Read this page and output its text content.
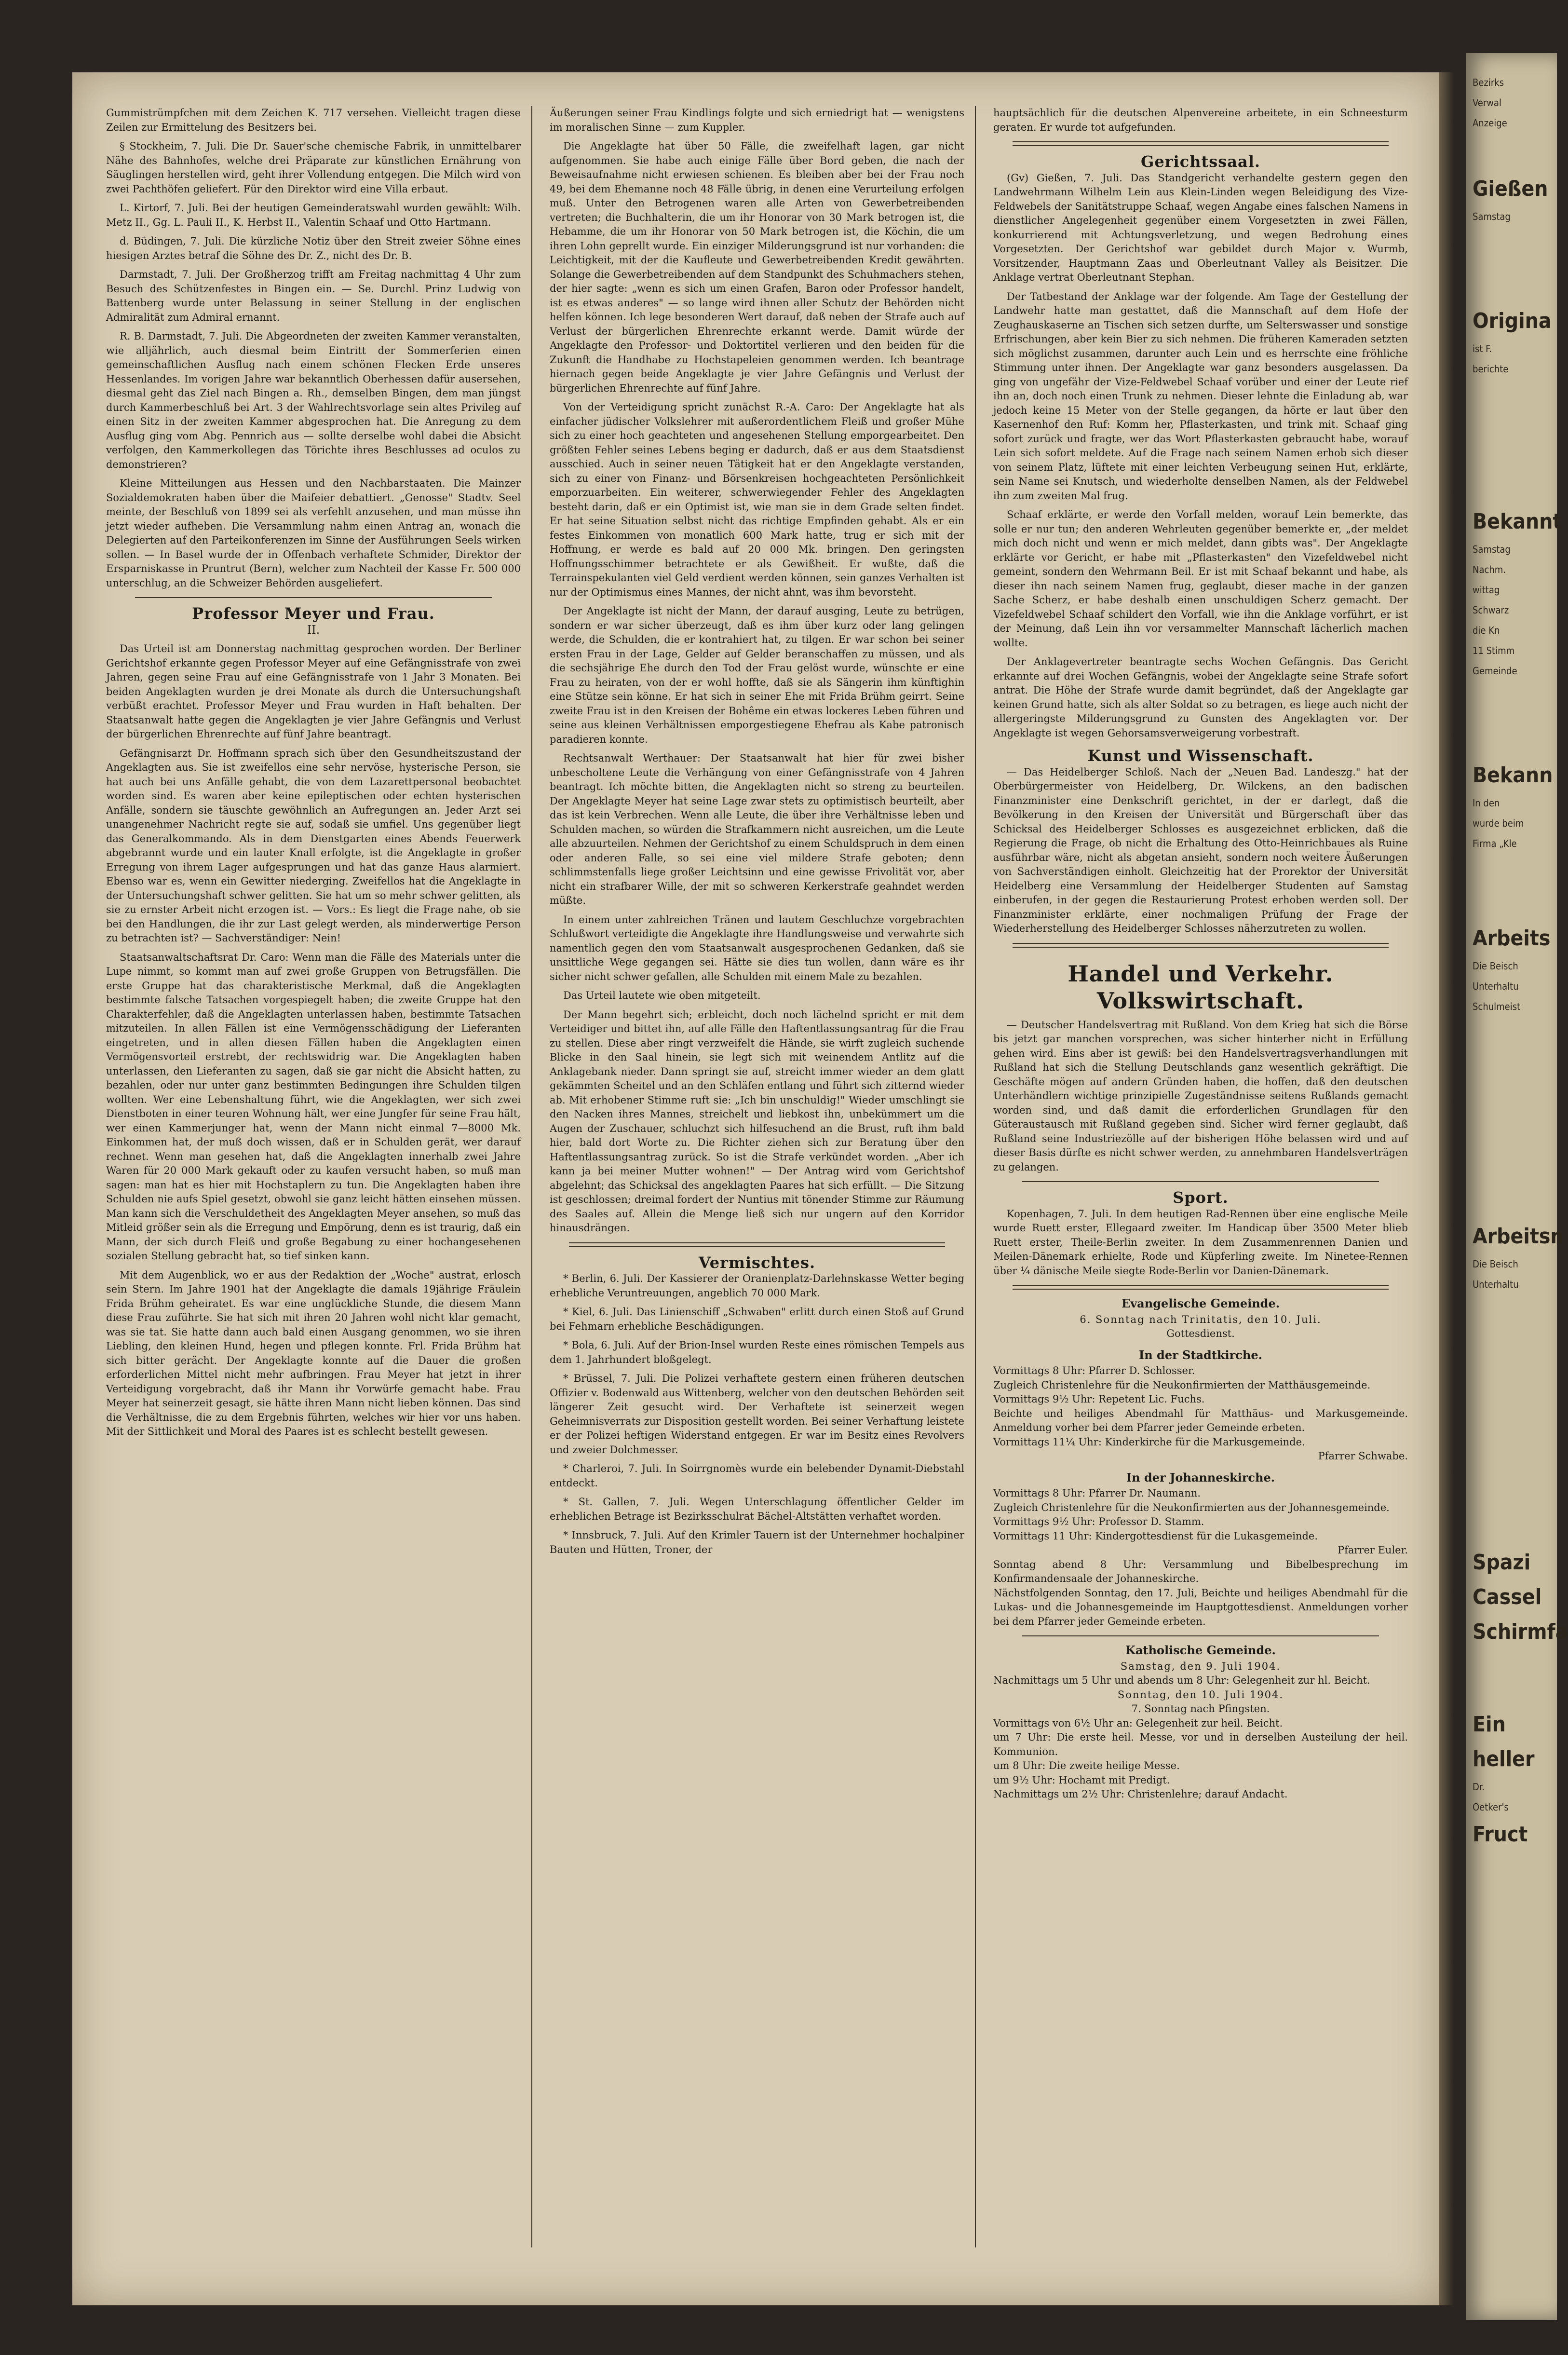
Gummistrümpfchen mit dem Zeichen K. 717 versehen. Vielleicht tragen diese Zeilen zur Ermittelung des Besitzers bei.

§ Stockheim, 7. Juli. Die Dr. Sauer'sche chemische Fabrik, in unmittelbarer Nähe des Bahnhofes, welche drei Präparate zur künstlichen Ernährung von Säuglingen herstellen wird, geht ihrer Vollendung entgegen. Die Milch wird von zwei Pachthöfen geliefert. Für den Direktor wird eine Villa erbaut.

L. Kirtorf, 7. Juli. Bei der heutigen Gemeinderatswahl wurden gewählt: Wilh. Metz II., Gg. L. Pauli II., K. Herbst II., Valentin Schaaf und Otto Hartmann.

d. Büdingen, 7. Juli. Die kürzliche Notiz über den Streit zweier Söhne eines hiesigen Arztes betraf die Söhne des Dr. Z., nicht des Dr. B.

Darmstadt, 7. Juli. Der Großherzog trifft am Freitag nachmittag 4 Uhr zum Besuch des Schützenfestes in Bingen ein. — Se. Durchl. Prinz Ludwig von Battenberg wurde unter Belassung in seiner Stellung in der englischen Admiralität zum Admiral ernannt.

R. B. Darmstadt, 7. Juli. Die Abgeordneten der zweiten Kammer veranstalten, wie alljährlich, auch diesmal beim Eintritt der Sommerferien einen gemeinschaftlichen Ausflug nach einem schönen Flecken Erde unseres Hessenlandes. Im vorigen Jahre war bekanntlich Oberhessen dafür ausersehen, diesmal geht das Ziel nach Bingen a. Rh., demselben Bingen, dem man jüngst durch Kammerbeschluß bei Art. 3 der Wahlrechtsvorlage sein altes Privileg auf einen Sitz in der zweiten Kammer abgesprochen hat. Die Anregung zu dem Ausflug ging vom Abg. Pennrich aus — sollte derselbe wohl dabei die Absicht verfolgen, den Kammerkollegen das Törichte ihres Beschlusses ad oculos zu demonstrieren?

Kleine Mitteilungen aus Hessen und den Nachbarstaaten. Die Mainzer Sozialdemokraten haben über die Maifeier debattiert. „Genosse" Stadtv. Seel meinte, der Beschluß von 1899 sei als verfehlt anzusehen, und man müsse ihn jetzt wieder aufheben. Die Versammlung nahm einen Antrag an, wonach die Delegierten auf den Parteikonferenzen im Sinne der Ausführungen Seels wirken sollen. — In Basel wurde der in Offenbach verhaftete Schmider, Direktor der Ersparniskasse in Pruntrut (Bern), welcher zum Nachteil der Kasse Fr. 500 000 unterschlug, an die Schweizer Behörden ausgeliefert.

Professor Meyer und Frau.
II.

Das Urteil ist am Donnerstag nachmittag gesprochen worden. Der Berliner Gerichtshof erkannte gegen Professor Meyer auf eine Gefängnisstrafe von zwei Jahren, gegen seine Frau auf eine Gefängnisstrafe von 1 Jahr 3 Monaten. Bei beiden Angeklagten wurden je drei Monate als durch die Untersuchungshaft verbüßt erachtet. Professor Meyer und Frau wurden in Haft behalten. Der Staatsanwalt hatte gegen die Angeklagten je vier Jahre Gefängnis und Verlust der bürgerlichen Ehrenrechte auf fünf Jahre beantragt.

Gefängnisarzt Dr. Hoffmann sprach sich über den Gesundheitszustand der Angeklagten aus. Sie ist zweifellos eine sehr nervöse, hysterische Person, sie hat auch bei uns Anfälle gehabt, die von dem Lazarettpersonal beobachtet worden sind. Es waren aber keine epileptischen oder echten hysterischen Anfälle, sondern sie täuschte gewöhnlich an Aufregungen an. Jeder Arzt sei unangenehmer Nachricht regte sie auf, sodaß sie umfiel. Uns gegenüber liegt das Generalkommando. Als in dem Dienstgarten eines Abends Feuerwerk abgebrannt wurde und ein lauter Knall erfolgte, ist die Angeklagte in großer Erregung von ihrem Lager aufgesprungen und hat das ganze Haus alarmiert. Ebenso war es, wenn ein Gewitter niederging. Zweifellos hat die Angeklagte in der Untersuchungshaft schwer gelitten. Sie hat um so mehr schwer gelitten, als sie zu ernster Arbeit nicht erzogen ist. — Vors.: Es liegt die Frage nahe, ob sie bei den Handlungen, die ihr zur Last gelegt werden, als minderwertige Person zu betrachten ist? — Sachverständiger: Nein!

Staatsanwaltschaftsrat Dr. Caro: Wenn man die Fälle des Materials unter die Lupe nimmt, so kommt man auf zwei große Gruppen von Betrugsfällen. Die erste Gruppe hat das charakteristische Merkmal, daß die Angeklagten bestimmte falsche Tatsachen vorgespiegelt haben; die zweite Gruppe hat den Charakterfehler, daß die Angeklagten unterlassen haben, bestimmte Tatsachen mitzuteilen. In allen Fällen ist eine Vermögensschädigung der Lieferanten eingetreten, und in allen diesen Fällen haben die Angeklagten einen Vermögensvorteil erstrebt, der rechtswidrig war. Die Angeklagten haben unterlassen, den Lieferanten zu sagen, daß sie gar nicht die Absicht hatten, zu bezahlen, oder nur unter ganz bestimmten Bedingungen ihre Schulden tilgen wollten. Wer eine Lebenshaltung führt, wie die Angeklagten, wer sich zwei Dienstboten in einer teuren Wohnung hält, wer eine Jungfer für seine Frau hält, wer einen Kammerjunger hat, wenn der Mann nicht einmal 7—8000 Mk. Einkommen hat, der muß doch wissen, daß er in Schulden gerät, wer darauf rechnet. Wenn man gesehen hat, daß die Angeklagten innerhalb zwei Jahre Waren für 20 000 Mark gekauft oder zu kaufen versucht haben, so muß man sagen: man hat es hier mit Hochstaplern zu tun. Die Angeklagten haben ihre Schulden nie aufs Spiel gesetzt, obwohl sie ganz leicht hätten einsehen müssen. Man kann sich die Verschuldetheit des Angeklagten Meyer ansehen, so muß das Mitleid größer sein als die Erregung und Empörung, denn es ist traurig, daß ein Mann, der sich durch Fleiß und große Begabung zu einer hochangesehenen sozialen Stellung gebracht hat, so tief sinken kann.

Mit dem Augenblick, wo er aus der Redaktion der „Woche" austrat, erlosch sein Stern. Im Jahre 1901 hat der Angeklagte die damals 19jährige Fräulein Frida Brühm geheiratet. Es war eine unglückliche Stunde, die diesem Mann diese Frau zuführte. Sie hat sich mit ihren 20 Jahren wohl nicht klar gemacht, was sie tat. Sie hatte dann auch bald einen Ausgang genommen, wo sie ihren Liebling, den kleinen Hund, hegen und pflegen konnte. Frl. Frida Brühm hat sich bitter gerächt. Der Angeklagte konnte auf die Dauer die großen erforderlichen Mittel nicht mehr aufbringen. Frau Meyer hat jetzt in ihrer Verteidigung vorgebracht, daß ihr Mann ihr Vorwürfe gemacht habe. Frau Meyer hat seinerzeit gesagt, sie hätte ihren Mann nicht lieben können. Das sind die Verhältnisse, die zu dem Ergebnis führten, welches wir hier vor uns haben. Mit der Sittlichkeit und Moral des Paares ist es schlecht bestellt gewesen.

Äußerungen seiner Frau Kindlings folgte und sich erniedrigt hat — wenigstens im moralischen Sinne — zum Kuppler.

Die Angeklagte hat über 50 Fälle, die zweifelhaft lagen, gar nicht aufgenommen. Sie habe auch einige Fälle über Bord geben, die nach der Beweisaufnahme nicht erwiesen schienen. Es bleiben aber bei der Frau noch 49, bei dem Ehemanne noch 48 Fälle übrig, in denen eine Verurteilung erfolgen muß. Unter den Betrogenen waren alle Arten von Gewerbetreibenden vertreten; die Buchhalterin, die um ihr Honorar von 30 Mark betrogen ist, die Hebamme, die um ihr Honorar von 50 Mark betrogen ist, die Köchin, die um ihren Lohn geprellt wurde. Ein einziger Milderungsgrund ist nur vorhanden: die Leichtigkeit, mit der die Kaufleute und Gewerbetreibenden Kredit gewährten. Solange die Gewerbetreibenden auf dem Standpunkt des Schuhmachers stehen, der hier sagte: „wenn es sich um einen Grafen, Baron oder Professor handelt, ist es etwas anderes" — so lange wird ihnen aller Schutz der Behörden nicht helfen können. Ich lege besonderen Wert darauf, daß neben der Strafe auch auf Verlust der bürgerlichen Ehrenrechte erkannt werde. Damit würde der Angeklagte den Professor- und Doktortitel verlieren und den beiden für die Zukunft die Handhabe zu Hochstapeleien genommen werden. Ich beantrage hiernach gegen beide Angeklagte je vier Jahre Gefängnis und Verlust der bürgerlichen Ehrenrechte auf fünf Jahre.

Von der Verteidigung spricht zunächst R.-A. Caro: Der Angeklagte hat als einfacher jüdischer Volkslehrer mit außerordentlichem Fleiß und großer Mühe sich zu einer hoch geachteten und angesehenen Stellung emporgearbeitet. Den größten Fehler seines Lebens beging er dadurch, daß er aus dem Staatsdienst ausschied. Auch in seiner neuen Tätigkeit hat er den Angeklagte verstanden, sich zu einer von Finanz- und Börsenkreisen hochgeachteten Persönlichkeit emporzuarbeiten. Ein weiterer, schwerwiegender Fehler des Angeklagten besteht darin, daß er ein Optimist ist, wie man sie in dem Grade selten findet. Er hat seine Situation selbst nicht das richtige Empfinden gehabt. Als er ein festes Einkommen von monatlich 600 Mark hatte, trug er sich mit der Hoffnung, er werde es bald auf 20 000 Mk. bringen. Den geringsten Hoffnungsschimmer betrachtete er als Gewißheit. Er wußte, daß die Terrainspekulanten viel Geld verdient werden können, sein ganzes Verhalten ist nur der Optimismus eines Mannes, der nicht ahnt, was ihm bevorsteht.

Der Angeklagte ist nicht der Mann, der darauf ausging, Leute zu betrügen, sondern er war sicher überzeugt, daß es ihm über kurz oder lang gelingen werde, die Schulden, die er kontrahiert hat, zu tilgen. Er war schon bei seiner ersten Frau in der Lage, Gelder auf Gelder beranschaffen zu müssen, und als die sechsjährige Ehe durch den Tod der Frau gelöst wurde, wünschte er eine Frau zu heiraten, von der er wohl hoffte, daß sie als Sängerin ihm künftighin eine Stütze sein könne. Er hat sich in seiner Ehe mit Frida Brühm geirrt. Seine zweite Frau ist in den Kreisen der Bohême ein etwas lockeres Leben führen und seine aus kleinen Verhältnissen emporgestiegene Ehefrau als Kabe patronisch paradieren konnte.

Rechtsanwalt Werthauer: Der Staatsanwalt hat hier für zwei bisher unbescholtene Leute die Verhängung von einer Gefängnisstrafe von 4 Jahren beantragt. Ich möchte bitten, die Angeklagten nicht so streng zu beurteilen. Der Angeklagte Meyer hat seine Lage zwar stets zu optimistisch beurteilt, aber das ist kein Verbrechen. Wenn alle Leute, die über ihre Verhältnisse leben und Schulden machen, so würden die Strafkammern nicht ausreichen, um die Leute alle abzuurteilen. Nehmen der Gerichtshof zu einem Schuldspruch in dem einen oder anderen Falle, so sei eine viel mildere Strafe geboten; denn schlimmstenfalls liege großer Leichtsinn und eine gewisse Frivolität vor, aber nicht ein strafbarer Wille, der mit so schweren Kerkerstrafe geahndet werden müßte.

In einem unter zahlreichen Tränen und lautem Geschluchze vorgebrachten Schlußwort verteidigte die Angeklagte ihre Handlungsweise und verwahrte sich namentlich gegen den vom Staatsanwalt ausgesprochenen Gedanken, daß sie unsittliche Wege gegangen sei. Hätte sie dies tun wollen, dann wäre es ihr sicher nicht schwer gefallen, alle Schulden mit einem Male zu bezahlen.

Das Urteil lautete wie oben mitgeteilt.

Der Mann begehrt sich; erbleicht, doch noch lächelnd spricht er mit dem Verteidiger und bittet ihn, auf alle Fälle den Haftentlassungsantrag für die Frau zu stellen. Diese aber ringt verzweifelt die Hände, sie wirft zugleich suchende Blicke in den Saal hinein, sie legt sich mit weinendem Antlitz auf die Anklagebank nieder. Dann springt sie auf, streicht immer wieder an dem glatt gekämmten Scheitel und an den Schläfen entlang und führt sich zitternd wieder ab. Mit erhobener Stimme ruft sie: „Ich bin unschuldig!" Wieder umschlingt sie den Nacken ihres Mannes, streichelt und liebkost ihn, unbekümmert um die Augen der Zuschauer, schluchzt sich hilfesuchend an die Brust, ruft ihm bald hier, bald dort Worte zu. Die Richter ziehen sich zur Beratung über den Haftentlassungsantrag zurück. So ist die Strafe verkündet worden. „Aber ich kann ja bei meiner Mutter wohnen!" — Der Antrag wird vom Gerichtshof abgelehnt; das Schicksal des angeklagten Paares hat sich erfüllt. — Die Sitzung ist geschlossen; dreimal fordert der Nuntius mit tönender Stimme zur Räumung des Saales auf. Allein die Menge ließ sich nur ungern auf den Korridor hinausdrängen.

Vermischtes.

* Berlin, 6. Juli. Der Kassierer der Oranienplatz-Darlehnskasse Wetter beging erhebliche Veruntreuungen, angeblich 70 000 Mark.

* Kiel, 6. Juli. Das Linienschiff „Schwaben" erlitt durch einen Stoß auf Grund bei Fehmarn erhebliche Beschädigungen.

* Bola, 6. Juli. Auf der Brion-Insel wurden Reste eines römischen Tempels aus dem 1. Jahrhundert bloßgelegt.

* Brüssel, 7. Juli. Die Polizei verhaftete gestern einen früheren deutschen Offizier v. Bodenwald aus Wittenberg, welcher von den deutschen Behörden seit längerer Zeit gesucht wird. Der Verhaftete ist seinerzeit wegen Geheimnisverrats zur Disposition gestellt worden. Bei seiner Verhaftung leistete er der Polizei heftigen Widerstand entgegen. Er war im Besitz eines Revolvers und zweier Dolchmesser.

* Charleroi, 7. Juli. In Soirrgnomès wurde ein belebender Dynamit-Diebstahl entdeckt.

* St. Gallen, 7. Juli. Wegen Unterschlagung öffentlicher Gelder im erheblichen Betrage ist Bezirksschulrat Bächel-Altstätten verhaftet worden.

* Innsbruck, 7. Juli. Auf den Krimler Tauern ist der Unternehmer hochalpiner Bauten und Hütten, Troner, der

hauptsächlich für die deutschen Alpenvereine arbeitete, in ein Schneesturm geraten. Er wurde tot aufgefunden.

Gerichtssaal.

(Gv) Gießen, 7. Juli. Das Standgericht verhandelte gestern gegen den Landwehrmann Wilhelm Lein aus Klein-Linden wegen Beleidigung des Vize-Feldwebels der Sanitätstruppe Schaaf, wegen Angabe eines falschen Namens in dienstlicher Angelegenheit gegenüber einem Vorgesetzten in zwei Fällen, konkurrierend mit Achtungsverletzung, und wegen Bedrohung eines Vorgesetzten. Der Gerichtshof war gebildet durch Major v. Wurmb, Vorsitzender, Hauptmann Zaas und Oberleutnant Valley als Beisitzer. Die Anklage vertrat Oberleutnant Stephan.

Der Tatbestand der Anklage war der folgende. Am Tage der Gestellung der Landwehr hatte man gestattet, daß die Mannschaft auf dem Hofe der Zeughauskaserne an Tischen sich setzen durfte, um Selterswasser und sonstige Erfrischungen, aber kein Bier zu sich nehmen. Die früheren Kameraden setzten sich möglichst zusammen, darunter auch Lein und es herrschte eine fröhliche Stimmung unter ihnen. Der Angeklagte war ganz besonders ausgelassen. Da ging von ungefähr der Vize-Feldwebel Schaaf vorüber und einer der Leute rief ihn an, doch noch einen Trunk zu nehmen. Dieser lehnte die Einladung ab, war jedoch keine 15 Meter von der Stelle gegangen, da hörte er laut über den Kasernenhof den Ruf: Komm her, Pflasterkasten, und trink mit. Schaaf ging sofort zurück und fragte, wer das Wort Pflasterkasten gebraucht habe, worauf Lein sich sofort meldete. Auf die Frage nach seinem Namen erhob sich dieser von seinem Platz, lüftete mit einer leichten Verbeugung seinen Hut, erklärte, sein Name sei Knutsch, und wiederholte denselben Namen, als der Feldwebel ihn zum zweiten Mal frug.

Schaaf erklärte, er werde den Vorfall melden, worauf Lein bemerkte, das solle er nur tun; den anderen Wehrleuten gegenüber bemerkte er, „der meldet mich doch nicht und wenn er mich meldet, dann gibts was". Der Angeklagte erklärte vor Gericht, er habe mit „Pflasterkasten" den Vizefeldwebel nicht gemeint, sondern den Wehrmann Beil. Er ist mit Schaaf bekannt und habe, als dieser ihn nach seinem Namen frug, geglaubt, dieser mache in der ganzen Sache Scherz, er habe deshalb einen unschuldigen Scherz gemacht. Der Vizefeldwebel Schaaf schildert den Vorfall, wie ihn die Anklage vorführt, er ist der Meinung, daß Lein ihn vor versammelter Mannschaft lächerlich machen wollte.

Der Anklagevertreter beantragte sechs Wochen Gefängnis. Das Gericht erkannte auf drei Wochen Gefängnis, wobei der Angeklagte seine Strafe sofort antrat. Die Höhe der Strafe wurde damit begründet, daß der Angeklagte gar keinen Grund hatte, sich als alter Soldat so zu betragen, es liege auch nicht der allergeringste Milderungsgrund zu Gunsten des Angeklagten vor. Der Angeklagte ist wegen Gehorsamsverweigerung vorbestraft.

Kunst und Wissenschaft.

— Das Heidelberger Schloß. Nach der „Neuen Bad. Landeszg." hat der Oberbürgermeister von Heidelberg, Dr. Wilckens, an den badischen Finanzminister eine Denkschrift gerichtet, in der er darlegt, daß die Bevölkerung in den Kreisen der Universität und Bürgerschaft über das Schicksal des Heidelberger Schlosses es ausgezeichnet erblicken, daß die Regierung die Frage, ob nicht die Erhaltung des Otto-Heinrichbaues als Ruine ausführbar wäre, nicht als abgetan ansieht, sondern noch weitere Äußerungen von Sachverständigen einholt. Gleichzeitig hat der Prorektor der Universität Heidelberg eine Versammlung der Heidelberger Studenten auf Samstag einberufen, in der gegen die Restaurierung Protest erhoben werden soll. Der Finanzminister erklärte, einer nochmaligen Prüfung der Frage der Wiederherstellung des Heidelberger Schlosses näherzutreten zu wollen.

Handel und Verkehr. Volkswirtschaft.

— Deutscher Handelsvertrag mit Rußland. Von dem Krieg hat sich die Börse bis jetzt gar manchen vorsprechen, was sicher hinterher nicht in Erfüllung gehen wird. Eins aber ist gewiß: bei den Handelsvertragsverhandlungen mit Rußland hat sich die Stellung Deutschlands ganz wesentlich gekräftigt. Die Geschäfte mögen auf andern Gründen haben, die hoffen, daß den deutschen Unterhändlern wichtige prinzipielle Zugeständnisse seitens Rußlands gemacht worden sind, und daß damit die erforderlichen Grundlagen für den Güteraustausch mit Rußland gegeben sind. Sicher wird ferner geglaubt, daß Rußland seine Industriezölle auf der bisherigen Höhe belassen wird und auf dieser Basis dürfte es nicht schwer werden, zu annehmbaren Handelsverträgen zu gelangen.

Sport.

Kopenhagen, 7. Juli. In dem heutigen Rad-Rennen über eine englische Meile wurde Ruett erster, Ellegaard zweiter. Im Handicap über 3500 Meter blieb Ruett erster, Theile-Berlin zweiter. In dem Zusammenrennen Danien und Meilen-Dänemark erhielte, Rode und Küpferling zweite. Im Ninetee-Rennen über ¼ dänische Meile siegte Rode-Berlin vor Danien-Dänemark.

Evangelische Gemeinde.
6. Sonntag nach Trinitatis, den 10. Juli.
Gottesdienst.
In der Stadtkirche.
Vormittags 8 Uhr: Pfarrer D. Schlosser.
Zugleich Christenlehre für die Neukonfirmierten der Matthäusgemeinde.
Vormittags 9½ Uhr: Repetent Lic. Fuchs.
Beichte und heiliges Abendmahl für Matthäus- und Markusgemeinde. Anmeldung vorher bei dem Pfarrer jeder Gemeinde erbeten.
Vormittags 11¼ Uhr: Kinderkirche für die Markusgemeinde.
Pfarrer Schwabe.
In der Johanneskirche.
Vormittags 8 Uhr: Pfarrer Dr. Naumann.
Zugleich Christenlehre für die Neukonfirmierten aus der Johannesgemeinde.
Vormittags 9½ Uhr: Professor D. Stamm.
Vormittags 11 Uhr: Kindergottesdienst für die Lukasgemeinde.
Pfarrer Euler.
Sonntag abend 8 Uhr: Versammlung und Bibelbesprechung im Konfirmandensaale der Johanneskirche.
Nächstfolgenden Sonntag, den 17. Juli, Beichte und heiliges Abendmahl für die Lukas- und die Johannesgemeinde im Hauptgottesdienst. Anmeldungen vorher bei dem Pfarrer jeder Gemeinde erbeten.
Katholische Gemeinde.
Samstag, den 9. Juli 1904.
Nachmittags um 5 Uhr und abends um 8 Uhr: Gelegenheit zur hl. Beicht.
Sonntag, den 10. Juli 1904.
7. Sonntag nach Pfingsten.
Vormittags von 6½ Uhr an: Gelegenheit zur heil. Beicht.
um 7 Uhr: Die erste heil. Messe, vor und in derselben Austeilung der heil. Kommunion.
um 8 Uhr: Die zweite heilige Messe.
um 9½ Uhr: Hochamt mit Predigt.
Nachmittags um 2½ Uhr: Christenlehre; darauf Andacht.
Bezirks
Verwal
Anzeige
Gießen
Samstag
Origina
ist F.
berichte
Bekannt
Samstag
Nachm.
wittag
Schwarz
die Kn
11 Stimm
Gemeinde
Bekann
In den
wurde beim
Firma „Kle
Arbeits
Die Beisch
Unterhaltu
Schulmeist
Arbeitsn
Die Beisch
Unterhaltu
Spazi
Cassel
Schirmfa
Ein
heller
Dr.
Oetker's
Fruct
